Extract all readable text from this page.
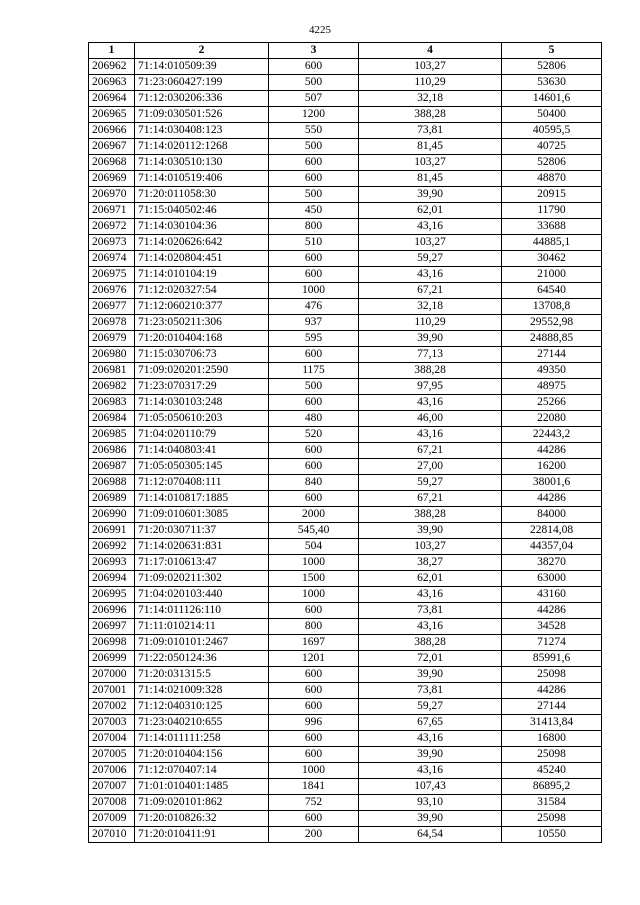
4225
1	2	3	4	5
206962	71:14:010509:39	600	103,27	52806
206963	71:23:060427:199	500	110,29	53630
206964	71:12:030206:336	507	32,18	14601,6
206965	71:09:030501:526	1200	388,28	50400
206966	71:14:030408:123	550	73,81	40595,5
206967	71:14:020112:1268	500	81,45	40725
206968	71:14:030510:130	600	103,27	52806
206969	71:14:010519:406	600	81,45	48870
206970	71:20:011058:30	500	39,90	20915
206971	71:15:040502:46	450	62,01	11790
206972	71:14:030104:36	800	43,16	33688
206973	71:14:020626:642	510	103,27	44885,1
206974	71:14:020804:451	600	59,27	30462
206975	71:14:010104:19	600	43,16	21000
206976	71:12:020327:54	1000	67,21	64540
206977	71:12:060210:377	476	32,18	13708,8
206978	71:23:050211:306	937	110,29	29552,98
206979	71:20:010404:168	595	39,90	24888,85
206980	71:15:030706:73	600	77,13	27144
206981	71:09:020201:2590	1175	388,28	49350
206982	71:23:070317:29	500	97,95	48975
206983	71:14:030103:248	600	43,16	25266
206984	71:05:050610:203	480	46,00	22080
206985	71:04:020110:79	520	43,16	22443,2
206986	71:14:040803:41	600	67,21	44286
206987	71:05:050305:145	600	27,00	16200
206988	71:12:070408:111	840	59,27	38001,6
206989	71:14:010817:1885	600	67,21	44286
206990	71:09:010601:3085	2000	388,28	84000
206991	71:20:030711:37	545,40	39,90	22814,08
206992	71:14:020631:831	504	103,27	44357,04
206993	71:17:010613:47	1000	38,27	38270
206994	71:09:020211:302	1500	62,01	63000
206995	71:04:020103:440	1000	43,16	43160
206996	71:14:011126:110	600	73,81	44286
206997	71:11:010214:11	800	43,16	34528
206998	71:09:010101:2467	1697	388,28	71274
206999	71:22:050124:36	1201	72,01	85991,6
207000	71:20:031315:5	600	39,90	25098
207001	71:14:021009:328	600	73,81	44286
207002	71:12:040310:125	600	59,27	27144
207003	71:23:040210:655	996	67,65	31413,84
207004	71:14:011111:258	600	43,16	16800
207005	71:20:010404:156	600	39,90	25098
207006	71:12:070407:14	1000	43,16	45240
207007	71:01:010401:1485	1841	107,43	86895,2
207008	71:09:020101:862	752	93,10	31584
207009	71:20:010826:32	600	39,90	25098
207010	71:20:010411:91	200	64,54	10550
